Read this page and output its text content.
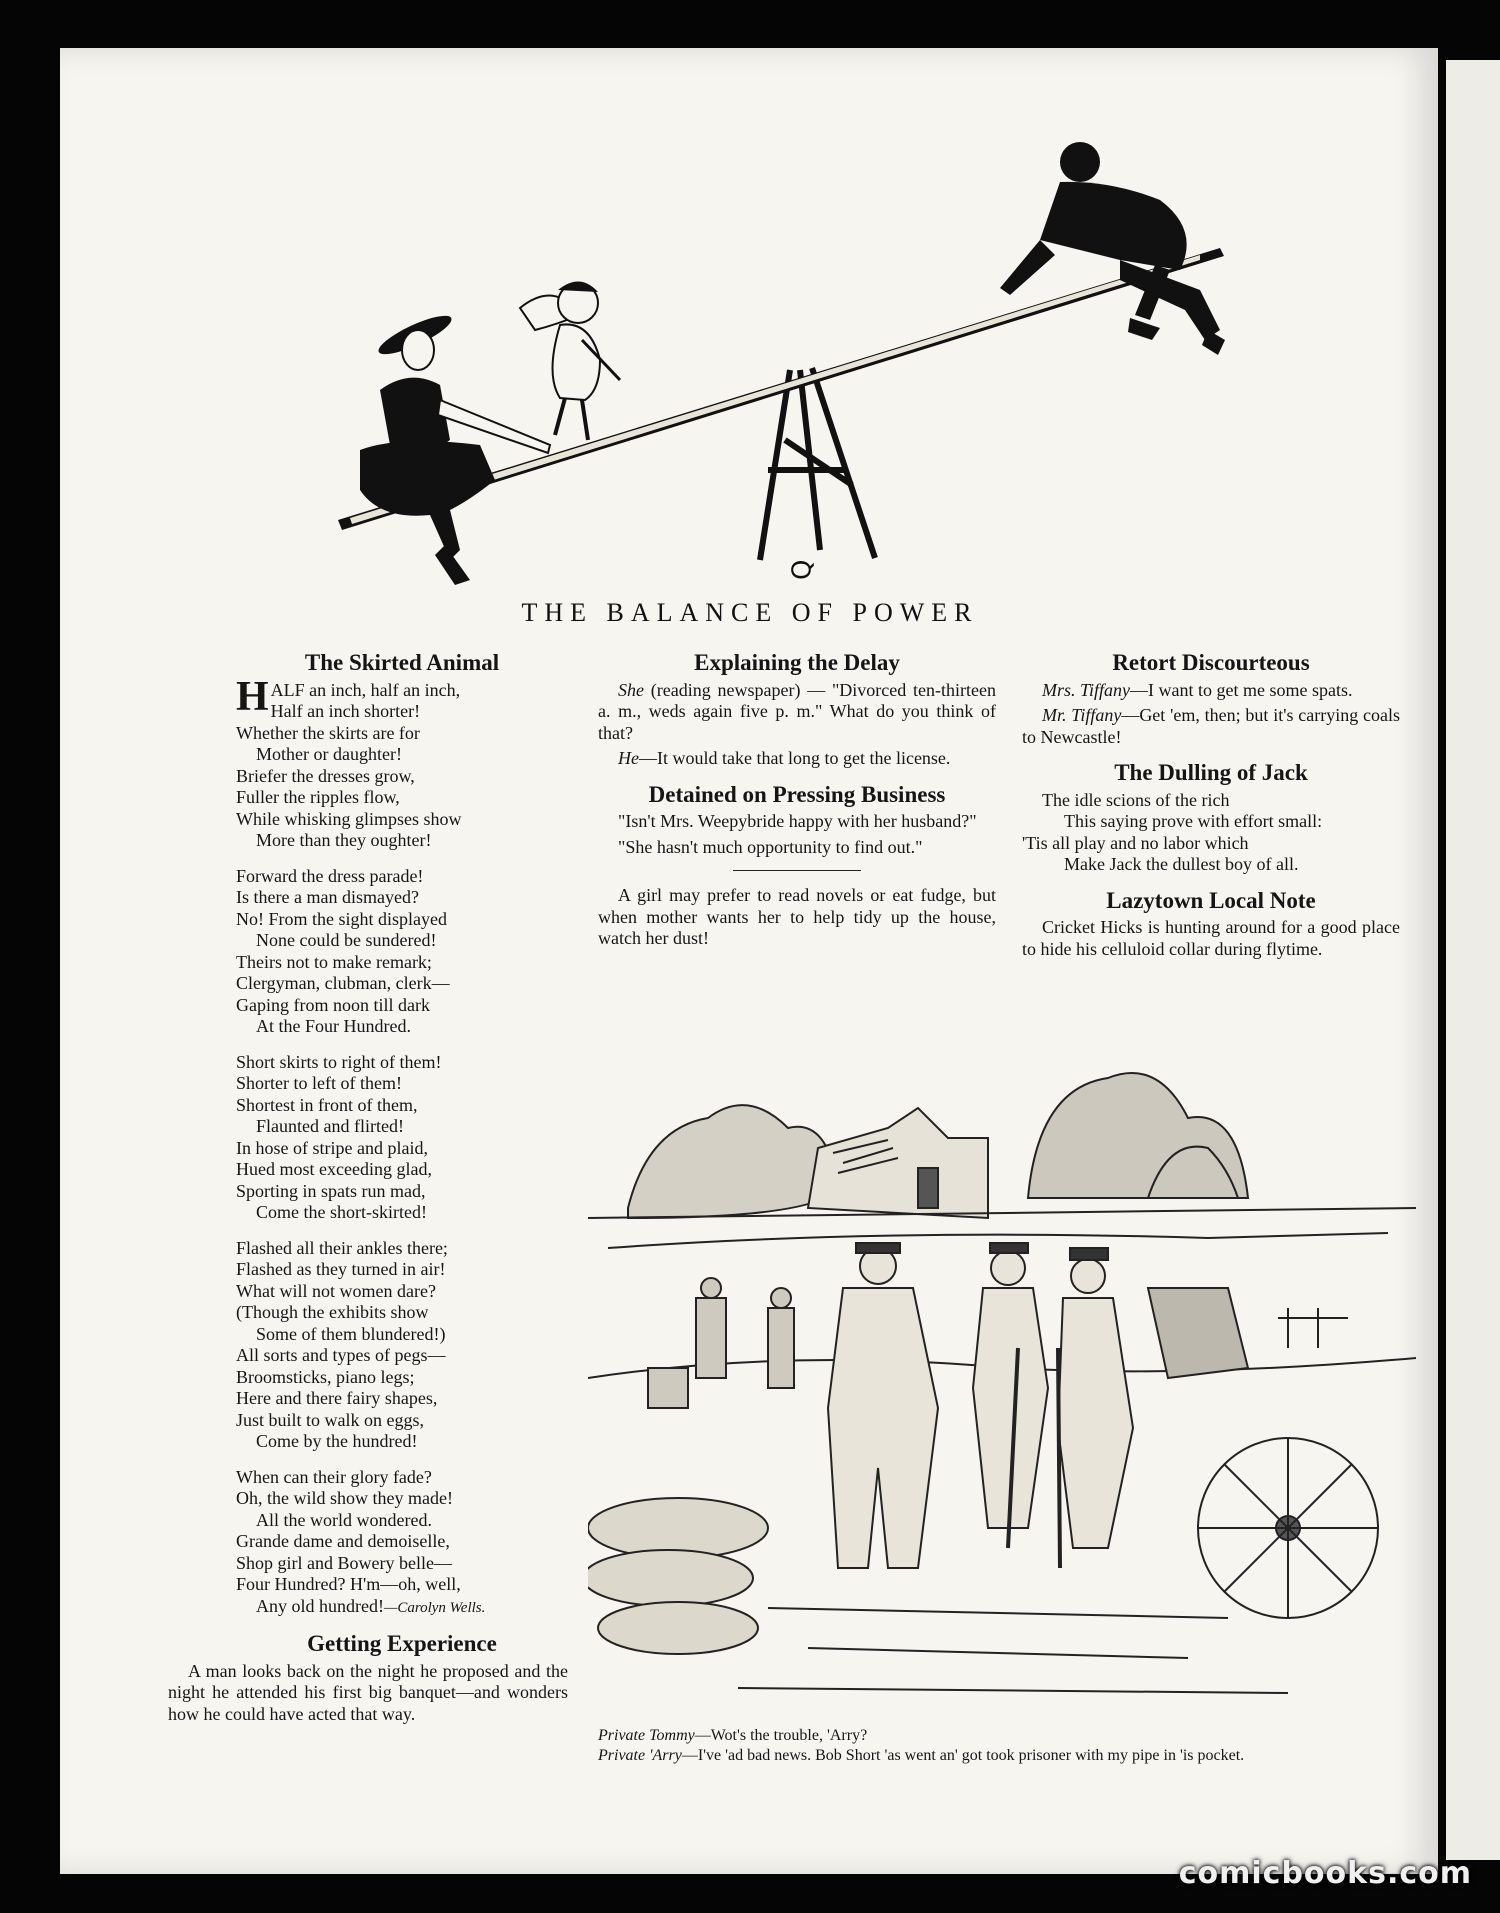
℺
THE BALANCE OF POWER
The Skirted Animal
HALF an inch, half an inch,
Half an inch shorter!
Whether the skirts are for
Mother or daughter!
Briefer the dresses grow,
Fuller the ripples flow,
While whisking glimpses show
More than they oughter!
Forward the dress parade!
Is there a man dismayed?
No! From the sight displayed
None could be sundered!
Theirs not to make remark;
Clergyman, clubman, clerk—
Gaping from noon till dark
At the Four Hundred.
Short skirts to right of them!
Shorter to left of them!
Shortest in front of them,
Flaunted and flirted!
In hose of stripe and plaid,
Hued most exceeding glad,
Sporting in spats run mad,
Come the short-skirted!
Flashed all their ankles there;
Flashed as they turned in air!
What will not women dare?
(Though the exhibits show
Some of them blundered!)
All sorts and types of pegs—
Broomsticks, piano legs;
Here and there fairy shapes,
Just built to walk on eggs,
Come by the hundred!
When can their glory fade?
Oh, the wild show they made!
All the world wondered.
Grande dame and demoiselle,
Shop girl and Bowery belle—
Four Hundred? H'm—oh, well,
Any old hundred!—Carolyn Wells.
Getting Experience

A man looks back on the night he proposed and the night he attended his first big banquet—and wonders how he could have acted that way.

Explaining the Delay

She (reading newspaper) — "Divorced ten-thirteen a. m., weds again five p. m." What do you think of that?

He—It would take that long to get the license.

Detained on Pressing Business

"Isn't Mrs. Weepybride happy with her husband?"

"She hasn't much opportunity to find out."

A girl may prefer to read novels or eat fudge, but when mother wants her to help tidy up the house, watch her dust!

Retort Discourteous

Mrs. Tiffany—I want to get me some spats.

Mr. Tiffany—Get 'em, then; but it's carrying coals to Newcastle!

The Dulling of Jack
The idle scions of the rich
This saying prove with effort small:
'Tis all play and no labor which
Make Jack the dullest boy of all.
Lazytown Local Note

Cricket Hicks is hunting around for a good place to hide his celluloid collar during flytime.

Private Tommy—Wot's the trouble, 'Arry?
Private 'Arry—I've 'ad bad news. Bob Short 'as went an' got took prisoner with my pipe in 'is pocket.
comicbooks.com
